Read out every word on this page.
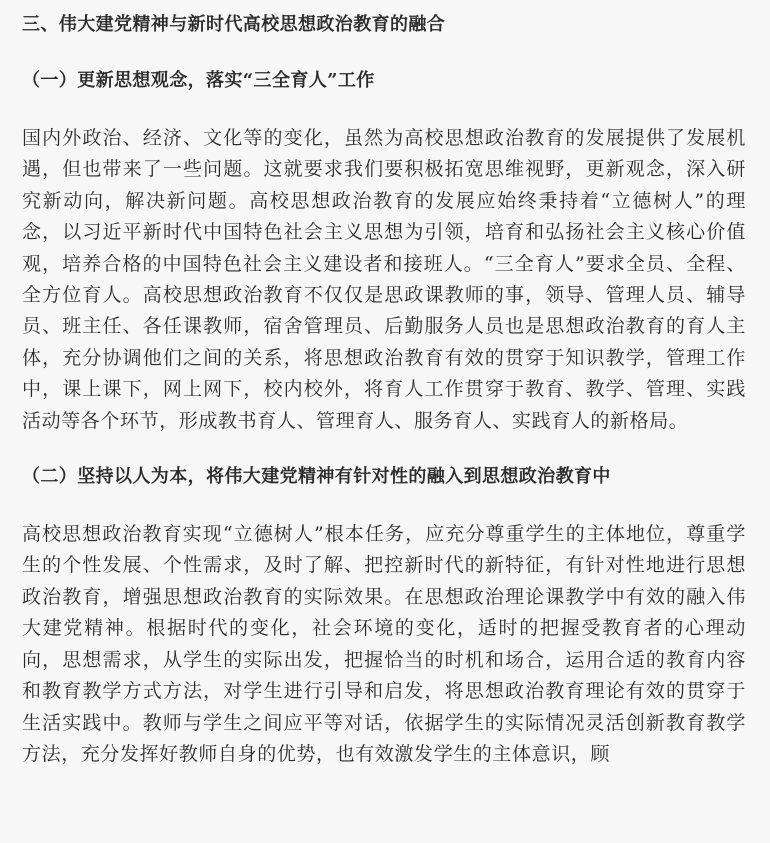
三、伟大建党精神与新时代高校思想政治教育的融合
（一）更新思想观念，落实“三全育人”工作

国内外政治、经济、文化等的变化，虽然为高校思想政治教育的发展提供了发展机遇，但也带来了一些问题。这就要求我们要积极拓宽思维视野，更新观念，深入研究新动向，解决新问题。高校思想政治教育的发展应始终秉持着“立德树人”的理念，以习近平新时代中国特色社会主义思想为引领，培育和弘扬社会主义核心价值观，培养合格的中国特色社会主义建设者和接班人。“三全育人”要求全员、全程、全方位育人。高校思想政治教育不仅仅是思政课教师的事，领导、管理人员、辅导员、班主任、各任课教师，宿舍管理员、后勤服务人员也是思想政治教育的育人主体，充分协调他们之间的关系，将思想政治教育有效的贯穿于知识教学，管理工作中，课上课下，网上网下，校内校外，将育人工作贯穿于教育、教学、管理、实践活动等各个环节，形成教书育人、管理育人、服务育人、实践育人的新格局。

（二）坚持以人为本，将伟大建党精神有针对性的融入到思想政治教育中

高校思想政治教育实现“立德树人”根本任务，应充分尊重学生的主体地位，尊重学生的个性发展、个性需求，及时了解、把控新时代的新特征，有针对性地进行思想政治教育，增强思想政治教育的实际效果。在思想政治理论课教学中有效的融入伟大建党精神。根据时代的变化，社会环境的变化，适时的把握受教育者的心理动向，思想需求，从学生的实际出发，把握恰当的时机和场合，运用合适的教育内容和教育教学方式方法，对学生进行引导和启发，将思想政治教育理论有效的贯穿于生活实践中。教师与学生之间应平等对话，依据学生的实际情况灵活创新教育教学方法，充分发挥好教师自身的优势，也有效激发学生的主体意识，顾
